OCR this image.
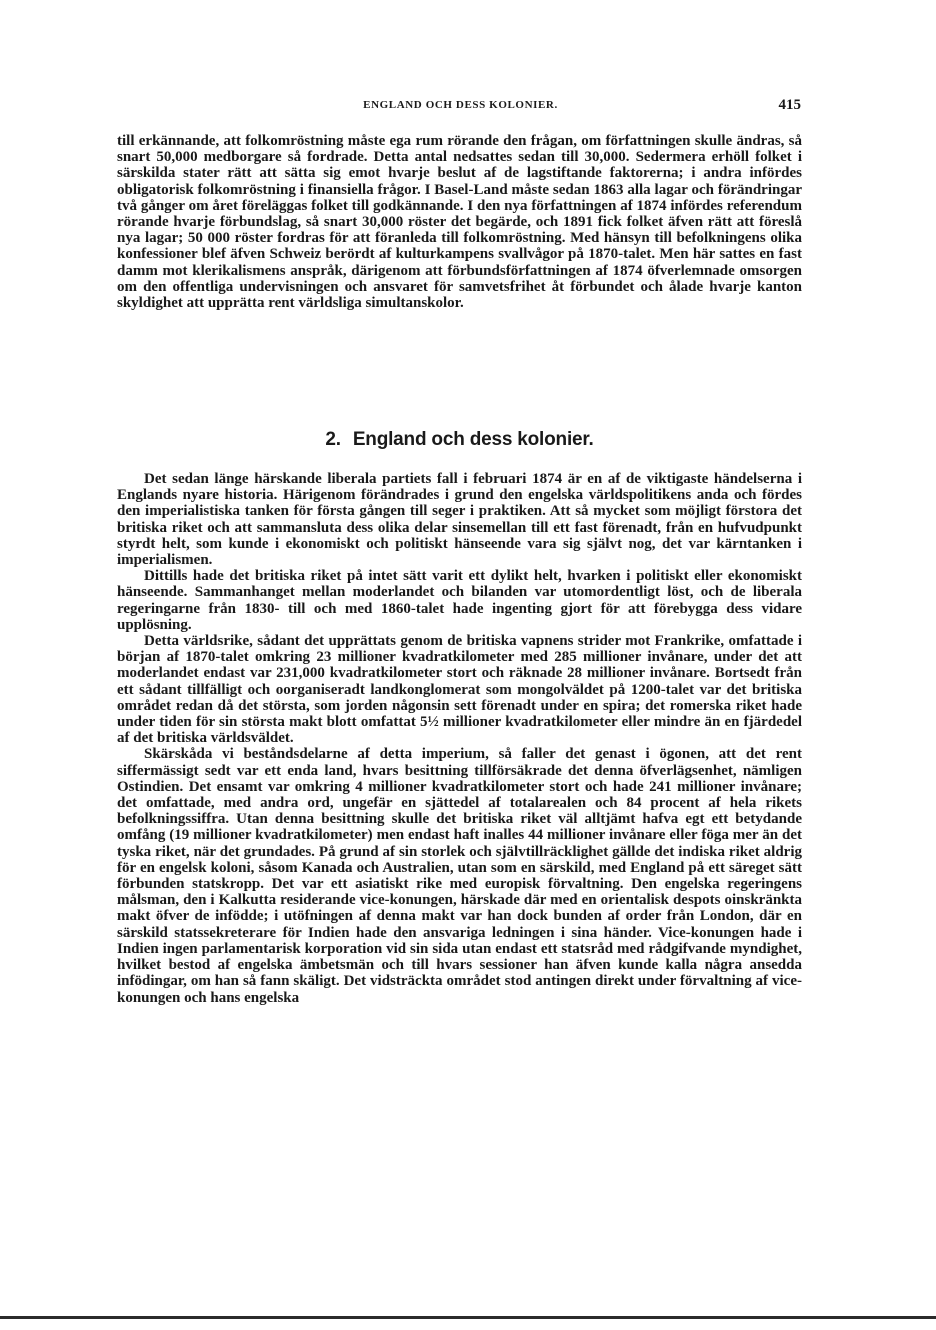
ENGLAND OCH DESS KOLONIER.	415

till erkännande, att folkomröstning måste ega rum rörande den frågan, om författningen skulle ändras, så snart 50,000 medborgare så fordrade. Detta antal nedsattes sedan till 30,000. Sedermera erhöll folket i särskilda stater rätt att sätta sig emot hvarje beslut af de lagstiftande faktorerna; i andra infördes obligatorisk folkomröstning i finansiella frågor. I Basel-Land måste sedan 1863 alla lagar och förändringar två gånger om året föreläggas folket till godkännande. I den nya författningen af 1874 infördes referendum rörande hvarje förbundslag, så snart 30,000 röster det begärde, och 1891 fick folket äfven rätt att föreslå nya lagar; 50 000 röster fordras för att föranleda till folkomröstning. Med hänsyn till befolkningens olika konfessioner blef äfven Schweiz berördt af kulturkampens svallvågor på 1870-talet. Men här sattes en fast damm mot klerikalismens anspråk, därigenom att förbundsförfattningen af 1874 öfverlemnade omsorgen om den offentliga undervisningen och ansvaret för samvetsfrihet åt förbundet och ålade hvarje kanton skyldighet att upprätta rent världsliga simultanskolor.

2. England och dess kolonier.

Det sedan länge härskande liberala partiets fall i februari 1874 är en af de viktigaste händelserna i Englands nyare historia. Härigenom förändrades i grund den engelska världspolitikens anda och fördes den imperialistiska tanken för första gången till seger i praktiken. Att så mycket som möjligt förstora det britiska riket och att sammansluta dess olika delar sinsemellan till ett fast förenadt, från en hufvudpunkt styrdt helt, som kunde i ekonomiskt och politiskt hänseende vara sig självt nog, det var kärntanken i imperialismen.

Dittills hade det britiska riket på intet sätt varit ett dylikt helt, hvarken i politiskt eller ekonomiskt hänseende. Sammanhanget mellan moderlandet och bilanden var utomordentligt löst, och de liberala regeringarne från 1830- till och med 1860-talet hade ingenting gjort för att förebygga dess vidare upplösning.

Detta världsrike, sådant det upprättats genom de britiska vapnens strider mot Frankrike, omfattade i början af 1870-talet omkring 23 millioner kvadratkilometer med 285 millioner invånare, under det att moderlandet endast var 231,000 kvadratkilometer stort och räknade 28 millioner invånare. Bortsedt från ett sådant tillfälligt och oorganiseradt landkonglomerat som mongolväldet på 1200-talet var det britiska området redan då det största, som jorden någonsin sett förenadt under en spira; det romerska riket hade under tiden för sin största makt blott omfattat 5½ millioner kvadratkilometer eller mindre än en fjärdedel af det britiska världsväldet.

Skärskåda vi beståndsdelarne af detta imperium, så faller det genast i ögonen, att det rent siffermässigt sedt var ett enda land, hvars besittning tillförsäkrade det denna öfverlägsenhet, nämligen Ostindien. Det ensamt var omkring 4 millioner kvadratkilometer stort och hade 241 millioner invånare; det omfattade, med andra ord, ungefär en sjättedel af totalarealen och 84 procent af hela rikets befolkningssiffra. Utan denna besittning skulle det britiska riket väl alltjämt hafva egt ett betydande omfång (19 millioner kvadratkilometer) men endast haft inalles 44 millioner invånare eller föga mer än det tyska riket, när det grundades. På grund af sin storlek och självtillräcklighet gällde det indiska riket aldrig för en engelsk koloni, såsom Kanada och Australien, utan som en särskild, med England på ett säreget sätt förbunden statskropp. Det var ett asiatiskt rike med europisk förvaltning. Den engelska regeringens målsman, den i Kalkutta residerande vice-konungen, härskade där med en orientalisk despots oinskränkta makt öfver de infödde; i utöfningen af denna makt var han dock bunden af order från London, där en särskild statssekreterare för Indien hade den ansvariga ledningen i sina händer. Vice-konungen hade i Indien ingen parlamentarisk korporation vid sin sida utan endast ett statsråd med rådgifvande myndighet, hvilket bestod af engelska ämbetsmän och till hvars sessioner han äfven kunde kalla några ansedda infödingar, om han så fann skäligt. Det vidsträckta området stod antingen direkt under förvaltning af vice-konungen och hans engelska
